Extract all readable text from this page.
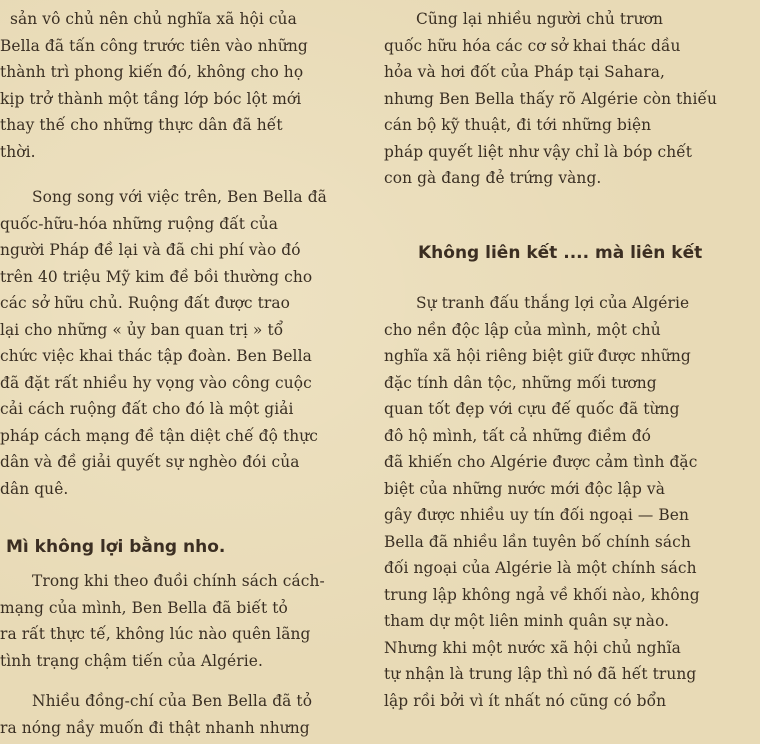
sản vô chủ nên chủ nghĩa xã hội của
Bella đã tấn công trước tiên vào những
thành trì phong kiến đó, không cho họ
kịp trở thành một tầng lớp bóc lột mới
thay thế cho những thực dân đã hết
thời.
Song song với việc trên, Ben Bella đã
quốc-hữu-hóa những ruộng đất của
người Pháp đề lại và đã chi phí vào đó
trên 40 triệu Mỹ kim đề bồi thường cho
các sở hữu chủ. Ruộng đất được trao
lại cho những « ủy ban quan trị » tổ
chức việc khai thác tập đoàn. Ben Bella
đã đặt rất nhiều hy vọng vào công cuộc
cải cách ruộng đất cho đó là một giải
pháp cách mạng đề tận diệt chế độ thực
dân và đề giải quyết sự nghèo đói của
dân quê.
Mì không lợi bằng nho.
Trong khi theo đuồi chính sách cách-
mạng của mình, Ben Bella đã biết tỏ
ra rất thực tế, không lúc nào quên lãng
tình trạng chậm tiến của Algérie.
Nhiều đồng-chí của Ben Bella đã tỏ
ra nóng nầy muốn đi thật nhanh nhưng
Cũng lại nhiều người chủ trươn
quốc hữu hóa các cơ sở khai thác dầu
hỏa và hơi đốt của Pháp tại Sahara,
nhưng Ben Bella thấy rõ Algérie còn thiếu
cán bộ kỹ thuật, đi tới những biện
pháp quyết liệt như vậy chỉ là bóp chết
con gà đang đẻ trứng vàng.
Không liên kết .... mà liên kết
Sự tranh đấu thắng lợi của Algérie
cho nền độc lập của mình, một chủ
nghĩa xã hội riêng biệt giữ được những
đặc tính dân tộc, những mối tương
quan tốt đẹp với cựu đế quốc đã từng
đô hộ mình, tất cả những điềm đó
đã khiến cho Algérie được cảm tình đặc
biệt của những nước mới độc lập và
gây được nhiều uy tín đối ngoại — Ben
Bella đã nhiều lần tuyên bố chính sách
đối ngoại của Algérie là một chính sách
trung lập không ngả về khối nào, không
tham dự một liên minh quân sự nào.
Nhưng khi một nước xã hội chủ nghĩa
tự nhận là trung lập thì nó đã hết trung
lập rồi bởi vì ít nhất nó cũng có bổn
